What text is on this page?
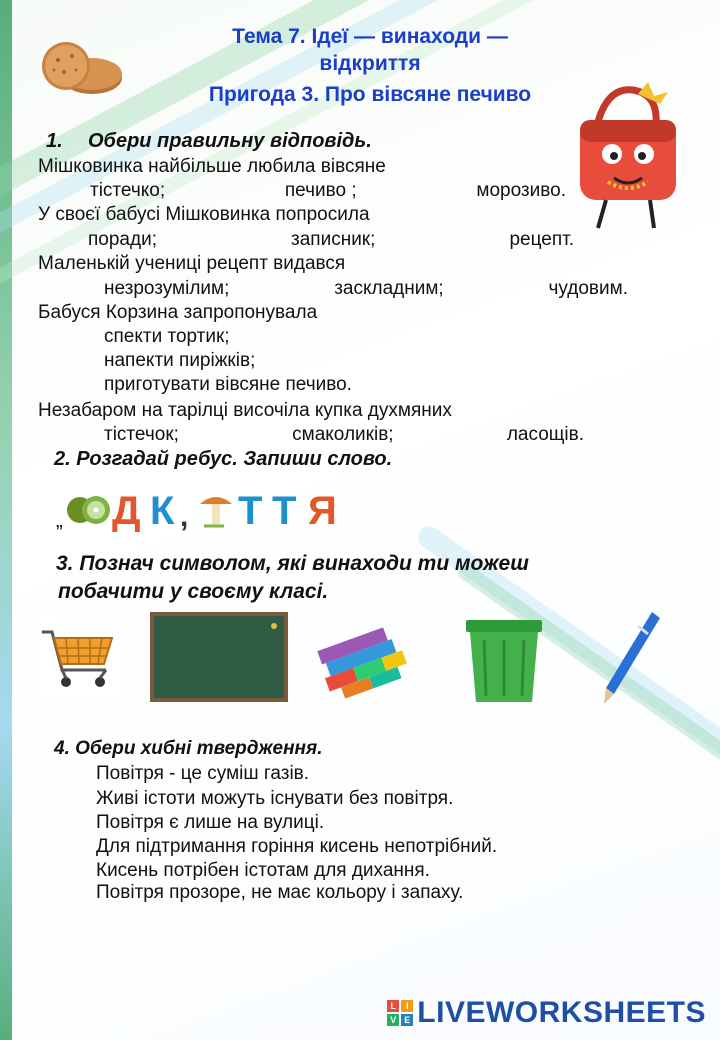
Тема 7. Ідеї — винаходи —
відкриття
Пригода 3. Про вівсяне печиво
1. Обери правильну відповідь.
Мішковинка найбільше любила вівсяне
тістечко;	печиво ;	морозиво.
У своєї бабусі Мішковинка попросила
поради;	записник;	рецепт.
Маленькій учениці рецепт видався
незрозумілим;	заскладним;	чудовим.
Бабуся Корзина запропонувала
спекти тортик;
напекти пиріжків;
приготувати вівсяне печиво.
Незабаром на тарілці височіла купка духмяних
тістечок;	смаколиків;	ласощів.
2. Розгадай ребус. Запиши слово.
„ Д К , Т Т Я
3. Познач символом, які винаходи ти можеш
побачити у своєму класі.
4. Обери хибні твердження.
Повітря - це суміш газів.
Живі істоти можуть існувати без повітря.
Повітря є лише на вулиці.
Для підтримання горіння кисень непотрібний.
Кисень потрібен істотам для дихання.
Повітря прозоре, не має кольору і запаху.
L	I
V E LIVEWORKSHEETS
